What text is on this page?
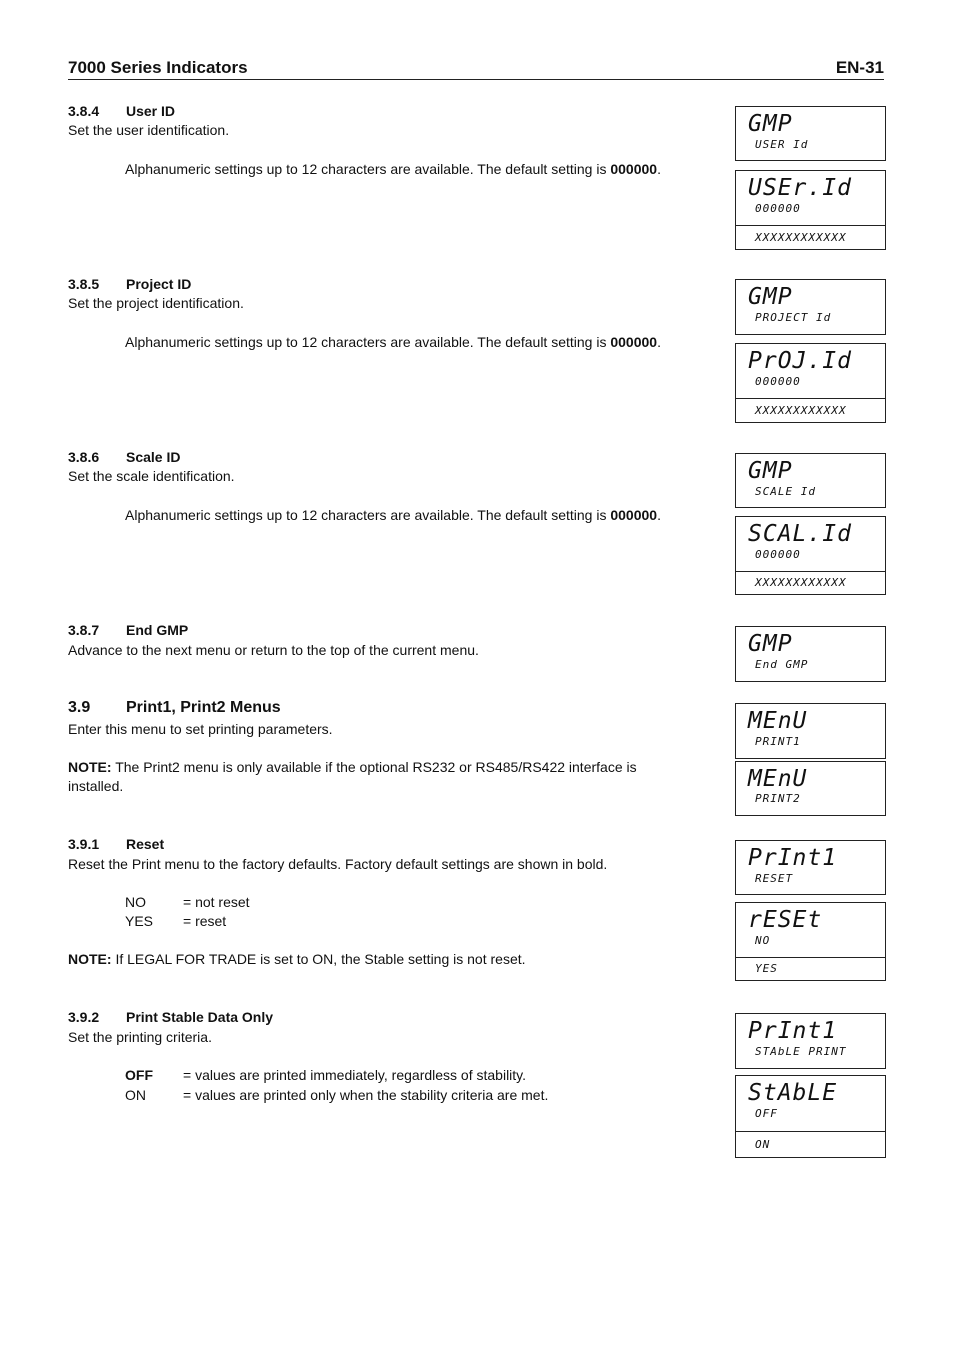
7000 Series Indicators	EN-31
3.8.4 User ID
Set the user identification.
Alphanumeric settings up to 12 characters are available. The default setting is 000000.
3.8.5 Project ID
Set the project identification.
Alphanumeric settings up to 12 characters are available. The default setting is 000000.
3.8.6 Scale ID
Set the scale identification.
Alphanumeric settings up to 12 characters are available. The default setting is 000000.
3.8.7 End GMP
Advance to the next menu or return to the top of the current menu.
3.9 Print1, Print2 Menus
Enter this menu to set printing parameters.
NOTE: The Print2 menu is only available if the optional RS232 or RS485/RS422 interface is
installed.
3.9.1 Reset
Reset the Print menu to the factory defaults. Factory default settings are shown in bold.
NO	= not reset
YES = reset
NOTE: If LEGAL FOR TRADE is set to ON, the Stable setting is not reset.
3.9.2 Print Stable Data Only
Set the printing criteria.
OFF = values are printed immediately, regardless of stability.
ON	= values are printed only when the stability criteria are met.
GMP
USER Id
USEr.Id
000000
XXXXXXXXXXXX
GMP
PROJECT Id
PrOJ.Id
000000
XXXXXXXXXXXX
GMP
SCALE Id
SCAL.Id
000000
XXXXXXXXXXXX
GMP
End GMP
MEnU
PRINT1
MEnU
PRINT2
PrInt1
RESET
rESEt
NO
YES
PrInt1
STAbLE PRINT
StAbLE
OFF
ON
